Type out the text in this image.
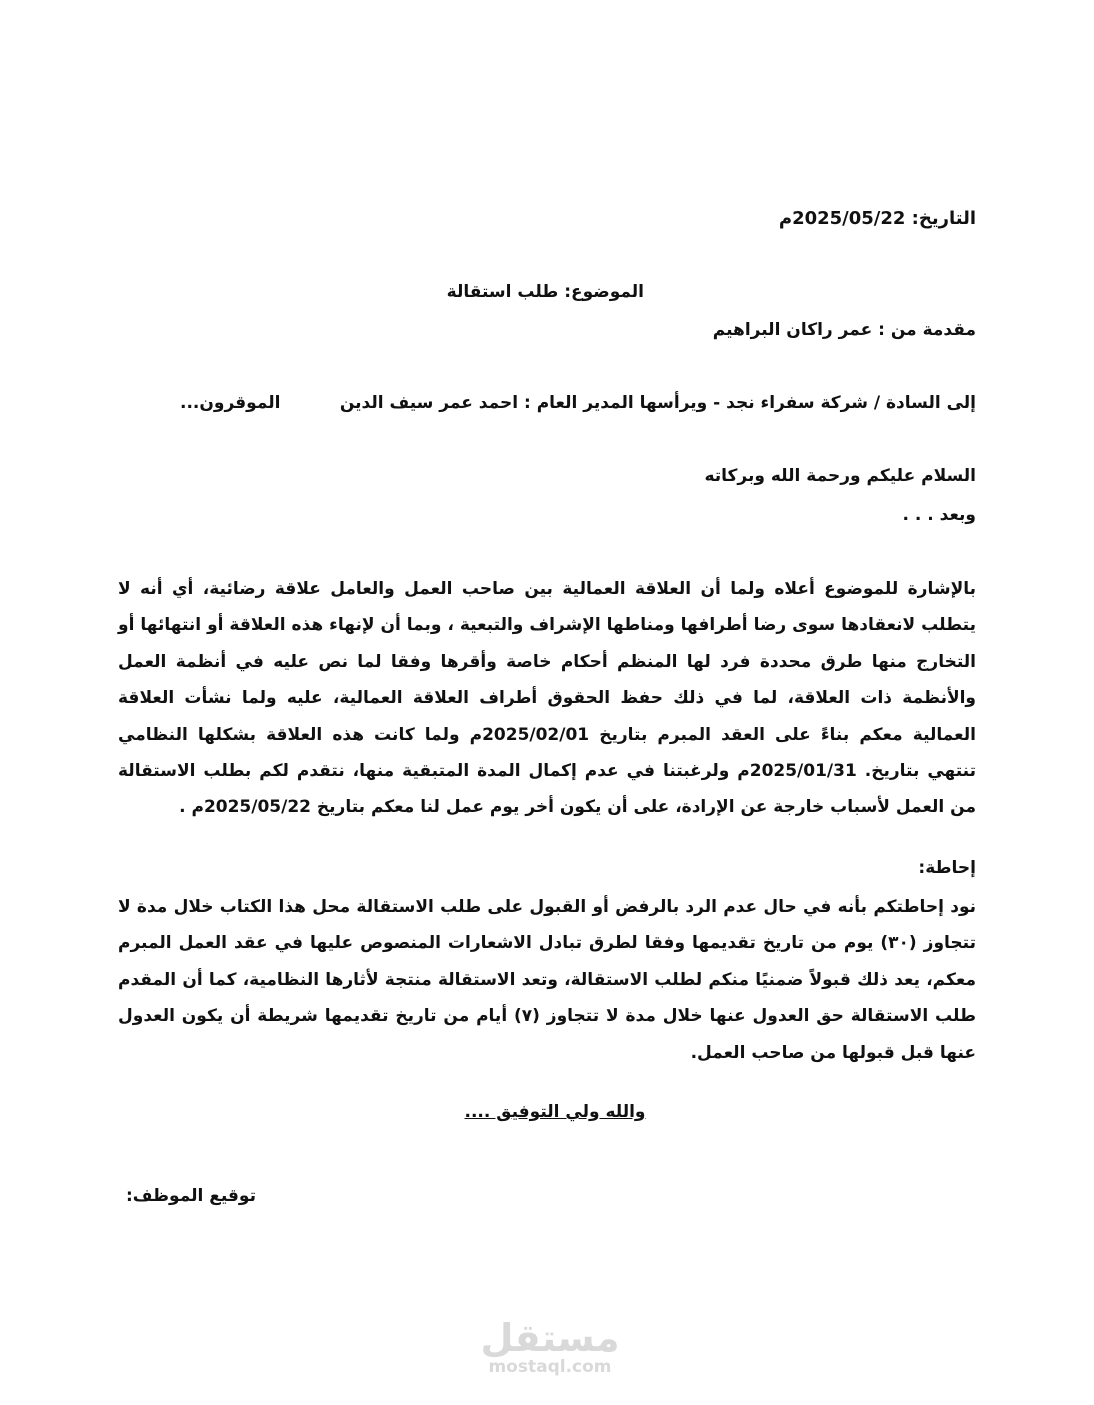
التاريخ: 2025/05/22م
الموضوع: طلب استقالة
مقدمة من : عمر راكان البراهيم
إلى السادة / شركة سفراء نجد - ويرأسها المدير العام : احمد عمر سيف الدين
الموقرون...
السلام عليكم ورحمة الله وبركاته
وبعد . . .
بالإشارة للموضوع أعلاه ولما أن العلاقة العمالية بين صاحب العمل والعامل علاقة رضائية، أي أنه لا يتطلب لانعقادها سوى رضا أطرافها ومناطها الإشراف والتبعية ، وبما أن لإنهاء هذه العلاقة أو انتهائها أو التخارج منها طرق محددة فرد لها المنظم أحكام خاصة وأقرها وفقا لما نص عليه في أنظمة العمل والأنظمة ذات العلاقة، لما في ذلك حفظ الحقوق أطراف العلاقة العمالية، عليه ولما نشأت العلاقة العمالية معكم بناءً على العقد المبرم بتاريخ 2025/02/01م ولما كانت هذه العلاقة بشكلها النظامي تنتهي بتاريخ. 2025/01/31م ولرغبتنا في عدم إكمال المدة المتبقية منها، نتقدم لكم بطلب الاستقالة من العمل لأسباب خارجة عن الإرادة، على أن يكون أخر يوم عمل لنا معكم بتاريخ 2025/05/22م .
إحاطة:
نود إحاطتكم بأنه في حال عدم الرد بالرفض أو القبول على طلب الاستقالة محل هذا الكتاب خلال مدة لا تتجاوز (٣٠) يوم من تاريخ تقديمها وفقا لطرق تبادل الاشعارات المنصوص عليها في عقد العمل المبرم معكم، يعد ذلك قبولاً ضمنيًا منكم لطلب الاستقالة، وتعد الاستقالة منتجة لأثارها النظامية، كما أن المقدم طلب الاستقالة حق العدول عنها خلال مدة لا تتجاوز (٧) أيام من تاريخ تقديمها شريطة أن يكون العدول عنها قبل قبولها من صاحب العمل.
والله ولي التوفيق ....
توقيع الموظف:
مستقل
mostaql.com
